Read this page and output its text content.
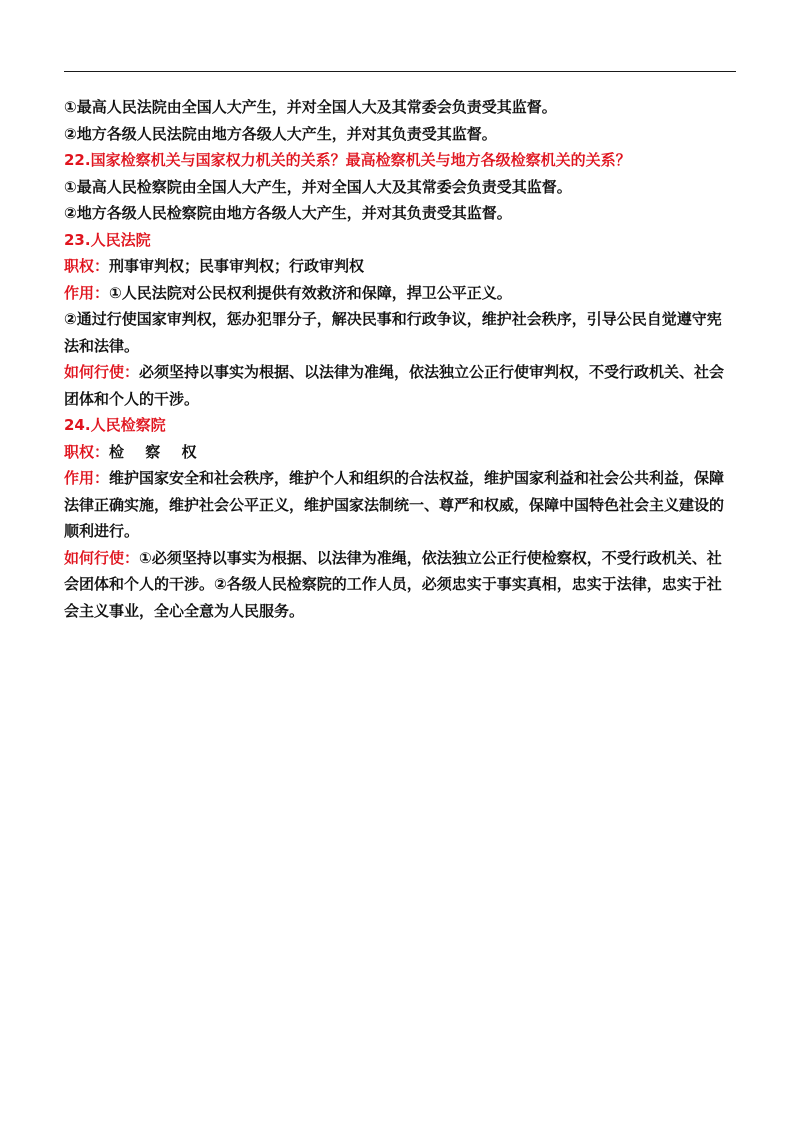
①最高人民法院由全国人大产生，并对全国人大及其常委会负责受其监督。

②地方各级人民法院由地方各级人大产生，并对其负责受其监督。

22.国家检察机关与国家权力机关的关系？最高检察机关与地方各级检察机关的关系？

①最高人民检察院由全国人大产生，并对全国人大及其常委会负责受其监督。

②地方各级人民检察院由地方各级人大产生，并对其负责受其监督。

23.人民法院

职权：刑事审判权；民事审判权；行政审判权

作用：①人民法院对公民权利提供有效救济和保障，捍卫公平正义。

②通过行使国家审判权，惩办犯罪分子，解决民事和行政争议，维护社会秩序，引导公民自觉遵守宪法和法律。

如何行使：必须坚持以事实为根据、以法律为准绳，依法独立公正行使审判权，不受行政机关、社会团体和个人的干涉。

24.人民检察院

职权：检 察 权

作用：维护国家安全和社会秩序，维护个人和组织的合法权益，维护国家利益和社会公共利益，保障法律正确实施，维护社会公平正义，维护国家法制统一、尊严和权威，保障中国特色社会主义建设的顺利进行。

如何行使：①必须坚持以事实为根据、以法律为准绳，依法独立公正行使检察权，不受行政机关、社会团体和个人的干涉。②各级人民检察院的工作人员，必须忠实于事实真相，忠实于法律，忠实于社会主义事业，全心全意为人民服务。
